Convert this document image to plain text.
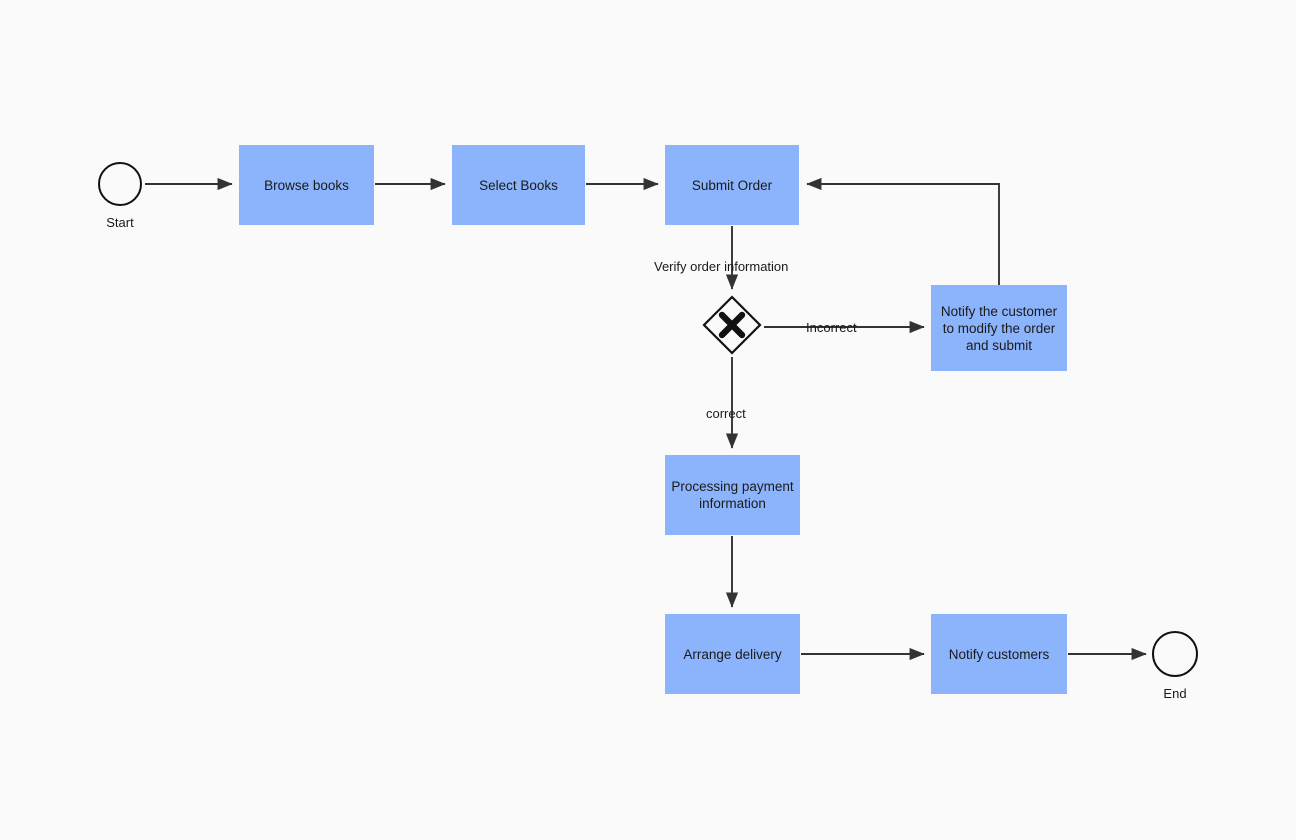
Start
Browse books	Select Books	Submit Order
Notify the customer to modify the order and submit
Processing payment information
Arrange delivery	Notify customers
End
Verify order information
Incorrect
correct
